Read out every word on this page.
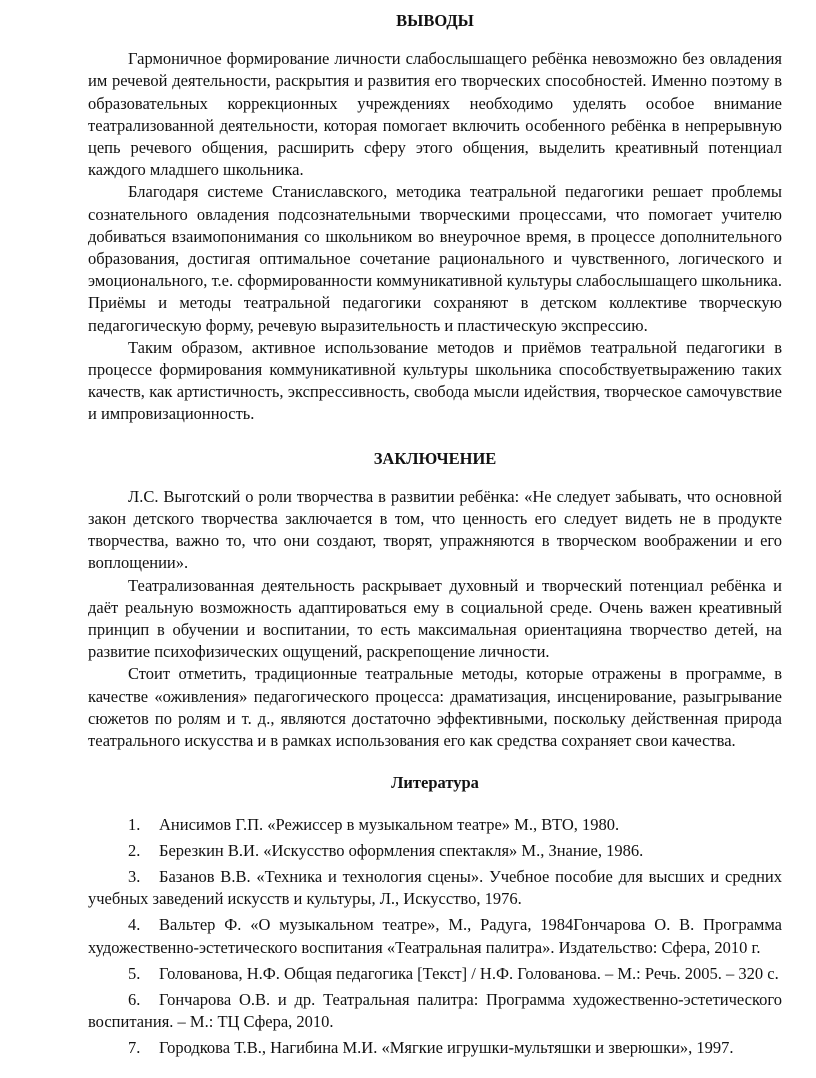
ВЫВОДЫ

Гармоничное формирование личности слабослышащего ребёнка невозможно без овладения им речевой деятельности, раскрытия и развития его творческих способностей. Именно поэтому в образовательных коррекционных учреждениях необходимо уделять особое внимание театрализованной деятельности, которая помогает включить особенного ребёнка в непрерывную цепь речевого общения, расширить сферу этого общения, выделить креативный потенциал каждого младшего школьника.

Благодаря системе Станиславского, методика театральной педагогики решает проблемы сознательного овладения подсознательными творческими процессами, что помогает учителю добиваться взаимопонимания со школьником во внеурочное время, в процессе дополнительного образования, достигая оптимальное сочетание рационального и чувственного, логического и эмоционального, т.е. сформированности коммуникативной культуры слабослышащего школьника. Приёмы и методы театральной педагогики сохраняют в детском коллективе творческую педагогическую форму, речевую выразительность и пластическую экспрессию.

Таким образом, активное использование методов и приёмов театральной педагогики в процессе формирования коммуникативной культуры школьника способствуетвыражению таких качеств, как артистичность, экспрессивность, свобода мысли идействия, творческое самочувствие и импровизационность.

ЗАКЛЮЧЕНИЕ

Л.С. Выготский о роли творчества в развитии ребёнка: «Не следует забывать, что основной закон детского творчества заключается в том, что ценность его следует видеть не в продукте творчества, важно то, что они создают, творят, упражняются в творческом воображении и его воплощении».

Театрализованная деятельность раскрывает духовный и творческий потенциал ребёнка и даёт реальную возможность адаптироваться ему в социальной среде. Очень важен креативный принцип в обучении и воспитании, то есть максимальная ориентациянa творчество детей, на развитие психофизических ощущений, раскрепощение личности.

Стоит отметить, традиционные театральные методы, которые отражены в программе, в качестве «оживления» педагогического процесса: драматизация, инсценирование, разыгрывание сюжетов по ролям и т. д., являются достаточно эффективными, поскольку действенная природа театрального искусства и в рамках использования его как средства сохраняет свои качества.

Литература
1. Анисимов Г.П. «Режиссер в музыкальном театре» М., ВТО, 1980.
2. Березкин В.И. «Искусство оформления спектакля» М., Знание, 1986.
3. Базанов В.В. «Техника и технология сцены». Учебное пособие для высших и средних учебных заведений искусств и культуры, Л., Искусство, 1976.
4. Вальтер Ф. «О музыкальном театре», М., Радуга, 1984Гончарова О. В. Программа художественно-эстетического воспитания «Театральная палитра». Издательство: Сфера, 2010 г.
5. Голованова, Н.Ф. Общая педагогика [Текст] / Н.Ф. Голованова. – М.: Речь. 2005. – 320 с.
6. Гончарова О.В. и др. Театральная палитра: Программа художественно-эстетического воспитания. – М.: ТЦ Сфера, 2010.
7. Городкова Т.В., Нагибина М.И. «Мягкие игрушки-мультяшки и зверюшки», 1997.
